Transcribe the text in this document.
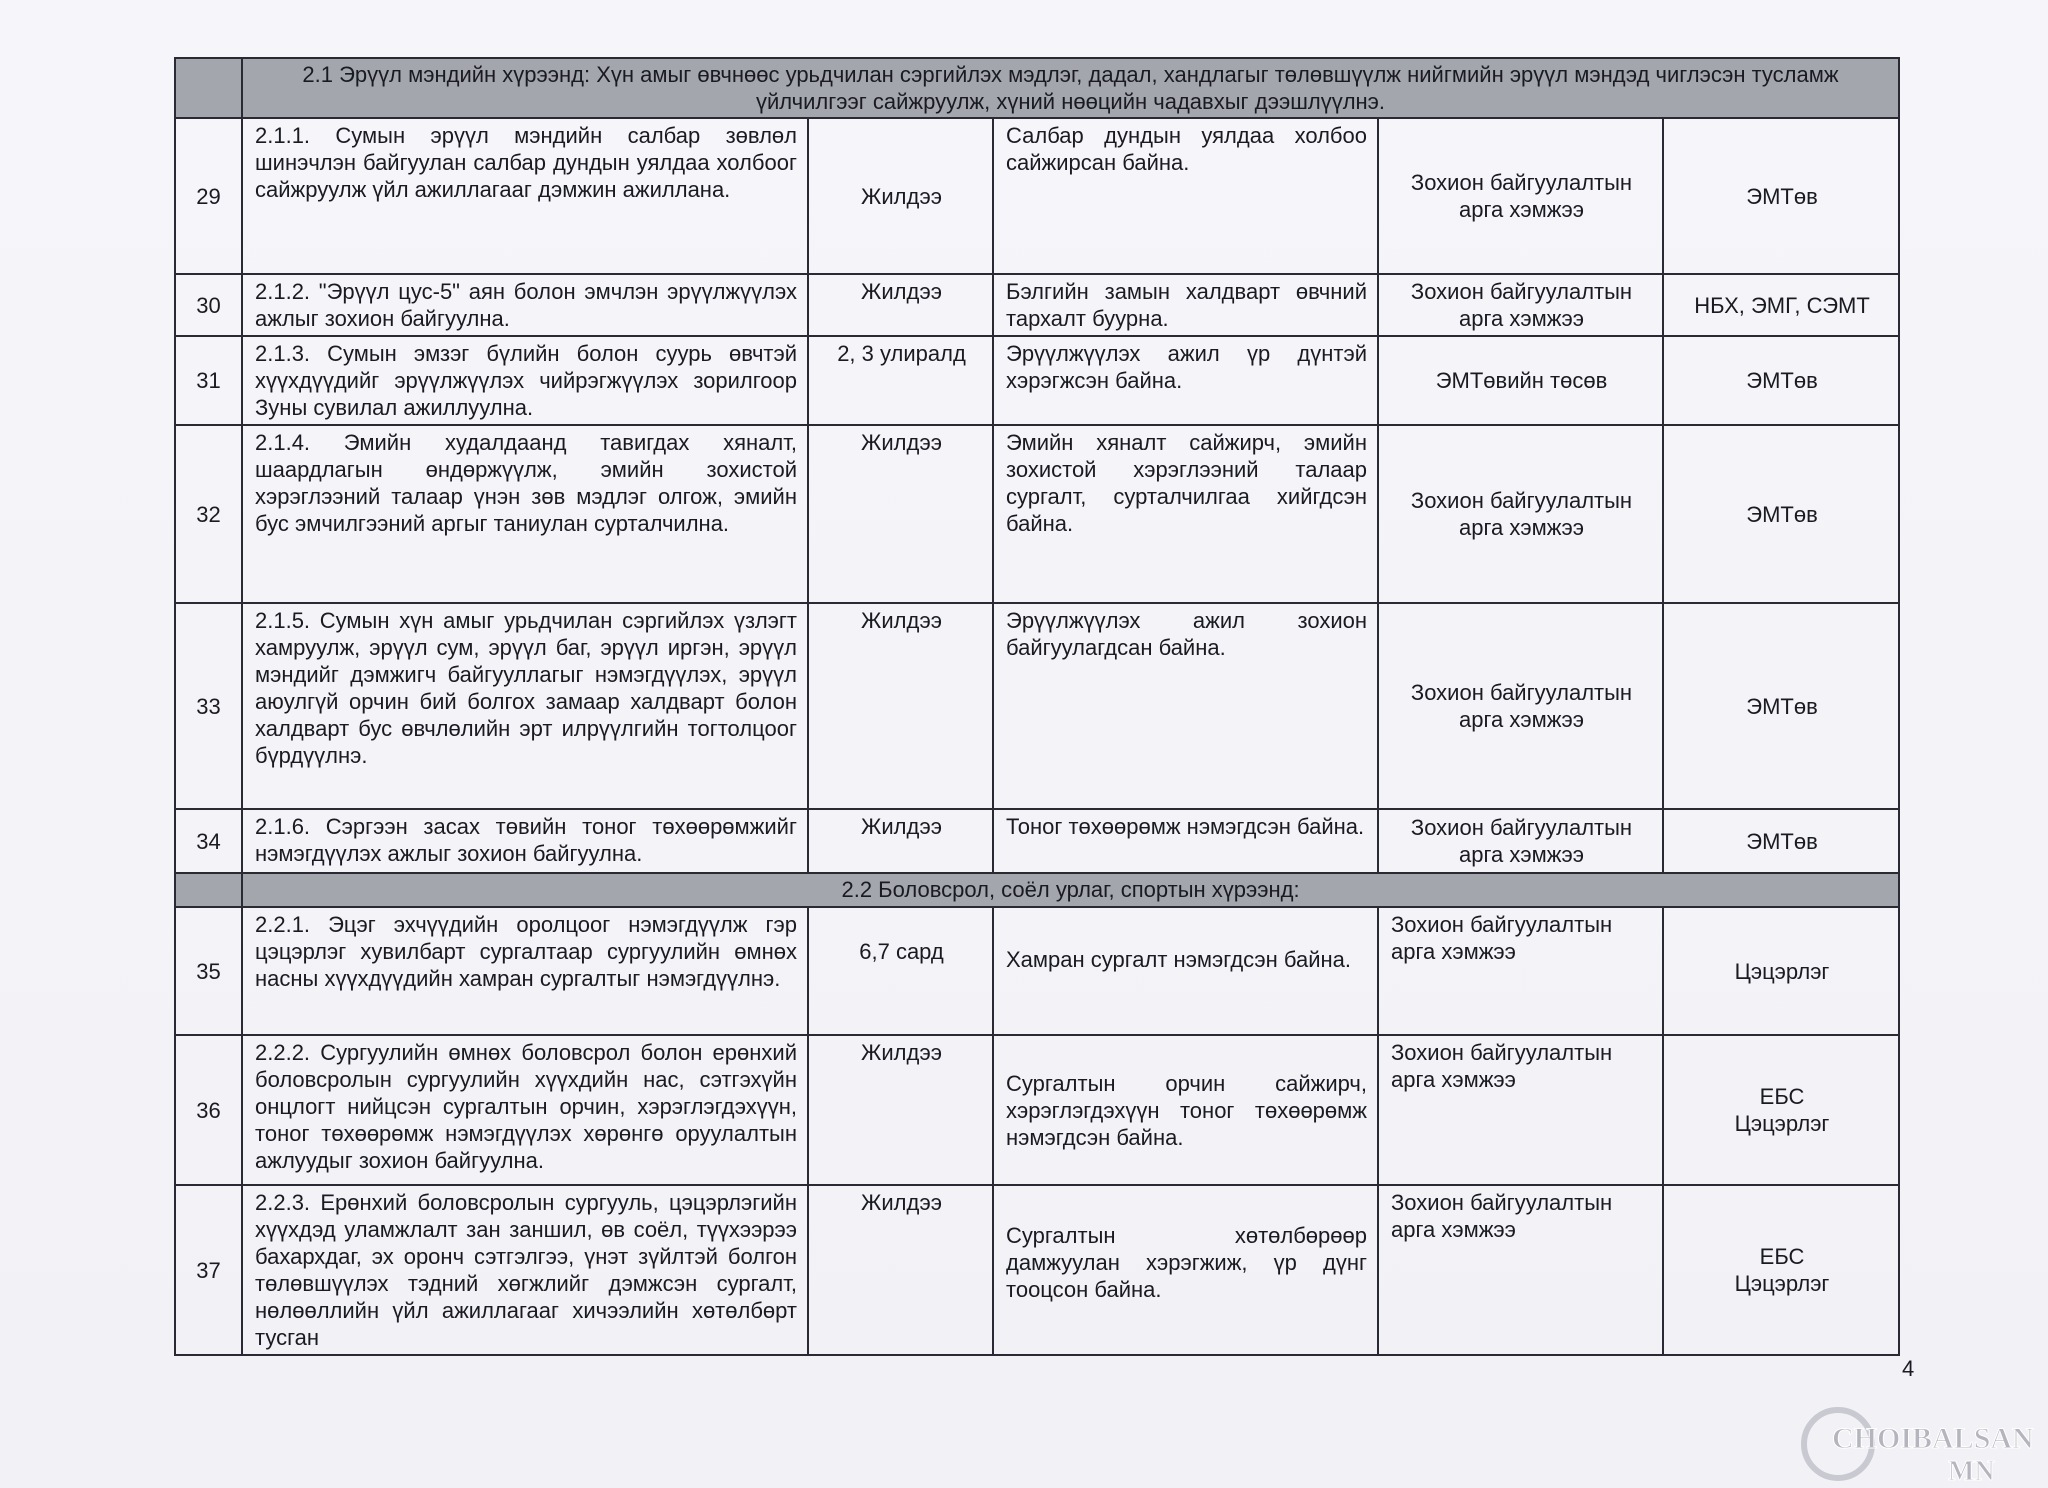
	2.1 Эрүүл мэндийн хүрээнд: Хүн амыг өвчнөөс урьдчилан сэргийлэх мэдлэг, дадал, хандлагыг төлөвшүүлж нийгмийн эрүүл мэндэд чиглэсэн тусламж үйлчилгээг сайжруулж, хүний нөөцийн чадавхыг дээшлүүлнэ.				
29	2.1.1. Сумын эрүүл мэндийн салбар зөвлөл шинэчлэн байгуулан салбар дундын уялдаа холбоог сайжруулж үйл ажиллагааг дэмжин ажиллана.	Жилдээ	Салбар дундын уялдаа холбоо сайжирсан байна.	Зохион байгуулалтын арга хэмжээ	ЭМТөв
30	2.1.2. "Эрүүл цус-5" аян болон эмчлэн эрүүлжүүлэх ажлыг зохион байгуулна.	Жилдээ	Бэлгийн замын халдварт өвчний тархалт буурна.	Зохион байгуулалтын арга хэмжээ	НБХ, ЭМГ, СЭМТ
31	2.1.3. Сумын эмзэг бүлийн болон суурь өвчтэй хүүхдүүдийг эрүүлжүүлэх чийрэгжүүлэх зорилгоор Зуны сувилал ажиллуулна.	2, 3 улиралд	Эрүүлжүүлэх ажил үр дүнтэй хэрэгжсэн байна.	ЭМТөвийн төсөв	ЭМТөв
32	2.1.4. Эмийн худалдаанд тавигдах хяналт, шаардлагын өндөржүүлж, эмийн зохистой хэрэглээний талаар үнэн зөв мэдлэг олгож, эмийн бус эмчилгээний аргыг таниулан сурталчилна.	Жилдээ	Эмийн хяналт сайжирч, эмийн зохистой хэрэглээний талаар сургалт, сурталчилгаа хийгдсэн байна.	Зохион байгуулалтын арга хэмжээ	ЭМТөв
33	2.1.5. Сумын хүн амыг урьдчилан сэргийлэх үзлэгт хамруулж, эрүүл сум, эрүүл баг, эрүүл иргэн, эрүүл мэндийг дэмжигч байгууллагыг нэмэгдүүлэх, эрүүл аюулгүй орчин бий болгох замаар халдварт болон халдварт бус өвчлөлийн эрт илрүүлгийн тогтолцоог бүрдүүлнэ.	Жилдээ	Эрүүлжүүлэх ажил зохион байгуулагдсан байна.	Зохион байгуулалтын арга хэмжээ	ЭМТөв
34	2.1.6. Сэргээн засах төвийн тоног төхөөрөмжийг нэмэгдүүлэх ажлыг зохион байгуулна.	Жилдээ	Тоног төхөөрөмж нэмэгдсэн байна.	Зохион байгуулалтын арга хэмжээ	ЭМТөв
	2.2 Боловсрол, соёл урлаг, спортын хүрээнд:				
35	2.2.1. Эцэг эхчүүдийн оролцоог нэмэгдүүлж гэр цэцэрлэг хувилбарт сургалтаар сургуулийн өмнөх насны хүүхдүүдийн хамран сургалтыг нэмэгдүүлнэ.	6,7 сард	Хамран сургалт нэмэгдсэн байна.	Зохион байгуулалтын арга хэмжээ	Цэцэрлэг
36	2.2.2. Сургуулийн өмнөх боловсрол болон ерөнхий боловсролын сургуулийн хүүхдийн нас, сэтгэхүйн онцлогт нийцсэн сургалтын орчин, хэрэглэгдэхүүн, тоног төхөөрөмж нэмэгдүүлэх хөрөнгө оруулалтын ажлуудыг зохион байгуулна.	Жилдээ	Сургалтын орчин сайжирч, хэрэглэгдэхүүн тоног төхөөрөмж нэмэгдсэн байна.	Зохион байгуулалтын арга хэмжээ	ЕБС
Цэцэрлэг

37	2.2.3. Ерөнхий боловсролын сургууль, цэцэрлэгийн хүүхдэд уламжлалт зан заншил, өв соёл, түүхээрээ бахархдаг, эх оронч сэтгэлгээ, үнэт зүйлтэй болгон төлөвшүүлэх тэдний хөгжлийг дэмжсэн сургалт, нөлөөллийн үйл ажиллагааг хичээлийн хөтөлбөрт тусган	Жилдээ	Сургалтын хөтөлбөрөөр дамжуулан хэрэгжиж, үр дүнг тооцсон байна.	Зохион байгуулалтын арга хэмжээ	ЕБС
Цэцэрлэг
4
CHOIBALSAN
MN
